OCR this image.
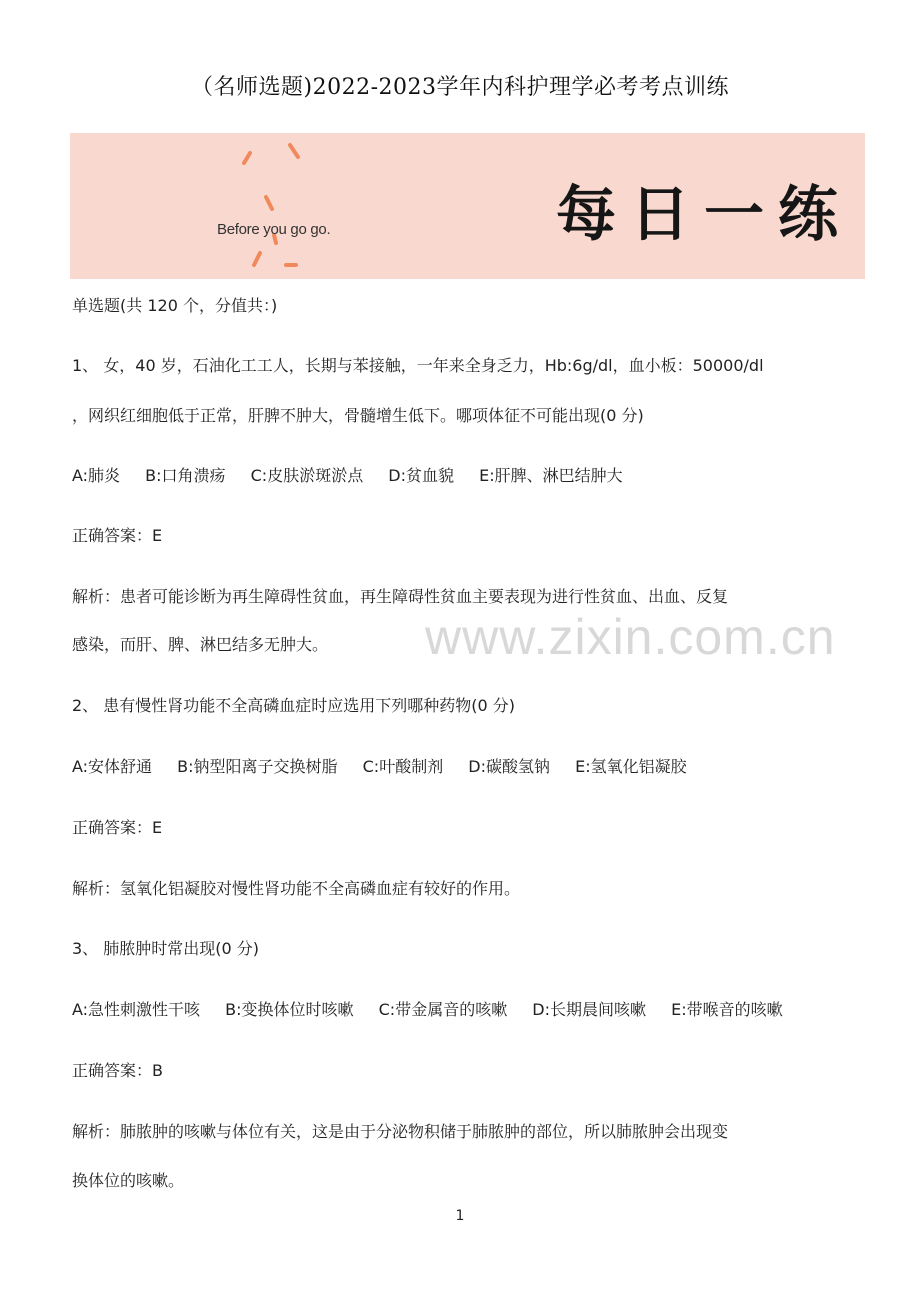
（名师选题)2022-2023学年内科护理学必考考点训练
Before you go go.	每日一练
单选题(共 120 个，分值共：)
1、 女，40 岁，石油化工工人，长期与苯接触，一年来全身乏力，Hb:6g/dl，血小板：50000/dl
，网织红细胞低于正常，肝脾不肿大，骨髓增生低下。哪项体征不可能出现(0 分)
A:肺炎 B:口角溃疡 C:皮肤淤斑淤点 D:贫血貌 E:肝脾、淋巴结肿大
正确答案：E
解析：患者可能诊断为再生障碍性贫血，再生障碍性贫血主要表现为进行性贫血、出血、反复
感染，而肝、脾、淋巴结多无肿大。	www.zixin.com.cn
2、 患有慢性肾功能不全高磷血症时应选用下列哪种药物(0 分)
A:安体舒通 B:钠型阳离子交换树脂 C:叶酸制剂 D:碳酸氢钠 E:氢氧化铝凝胶
正确答案：E
解析：氢氧化铝凝胶对慢性肾功能不全高磷血症有较好的作用。
3、 肺脓肿时常出现(0 分)
A:急性刺激性干咳 B:变换体位时咳嗽 C:带金属音的咳嗽 D:长期晨间咳嗽 E:带喉音的咳嗽
正确答案：B
解析：肺脓肿的咳嗽与体位有关，这是由于分泌物积储于肺脓肿的部位，所以肺脓肿会出现变
换体位的咳嗽。
1
